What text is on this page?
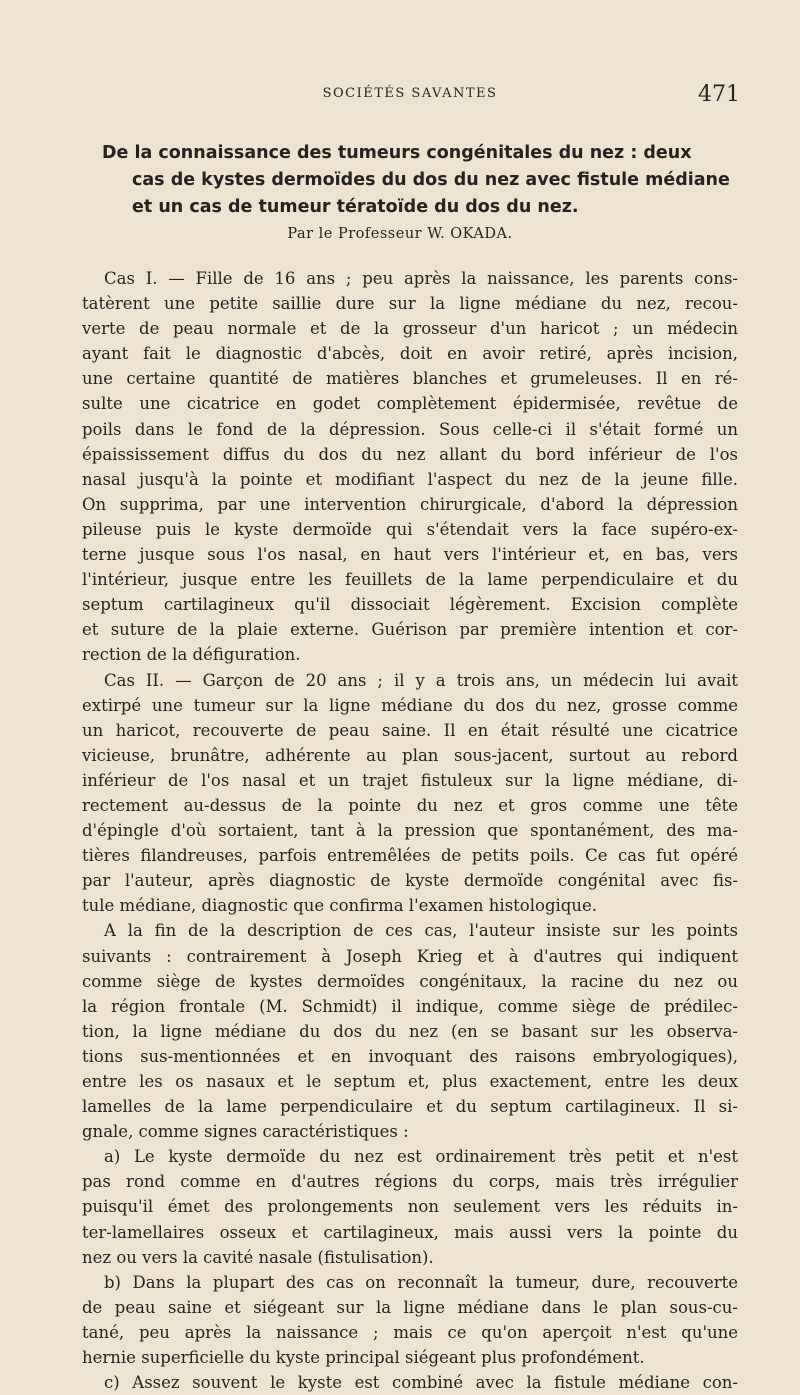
SOCIÉTÉS SAVANTES	471
De la connaissance des tumeurs congénitales du nez : deux
cas de kystes dermoïdes du dos du nez avec fistule médiane
et un cas de tumeur tératoïde du dos du nez.
Par le Professeur W. OKADA.
Cas I. — Fille de 16 ans ; peu après la naissance, les parents cons-
tatèrent une petite saillie dure sur la ligne médiane du nez, recou-
verte de peau normale et de la grosseur d'un haricot ; un médecin
ayant fait le diagnostic d'abcès, doit en avoir retiré, après incision,
une certaine quantité de matières blanches et grumeleuses. Il en ré-
sulte une cicatrice en godet complètement épidermisée, revêtue de
poils dans le fond de la dépression. Sous celle-ci il s'était formé un
épaississement diffus du dos du nez allant du bord inférieur de l'os
nasal jusqu'à la pointe et modifiant l'aspect du nez de la jeune fille.
On supprima, par une intervention chirurgicale, d'abord la dépression
pileuse puis le kyste dermoïde qui s'étendait vers la face supéro-ex-
terne jusque sous l'os nasal, en haut vers l'intérieur et, en bas, vers
l'intérieur, jusque entre les feuillets de la lame perpendiculaire et du
septum cartilagineux qu'il dissociait légèrement. Excision complète
et suture de la plaie externe. Guérison par première intention et cor-
rection de la défiguration.
Cas II. — Garçon de 20 ans ; il y a trois ans, un médecin lui avait
extirpé une tumeur sur la ligne médiane du dos du nez, grosse comme
un haricot, recouverte de peau saine. Il en était résulté une cicatrice
vicieuse, brunâtre, adhérente au plan sous-jacent, surtout au rebord
inférieur de l'os nasal et un trajet fistuleux sur la ligne médiane, di-
rectement au-dessus de la pointe du nez et gros comme une tête
d'épingle d'où sortaient, tant à la pression que spontanément, des ma-
tières filandreuses, parfois entremêlées de petits poils. Ce cas fut opéré
par l'auteur, après diagnostic de kyste dermoïde congénital avec fis-
tule médiane, diagnostic que confirma l'examen histologique.
A la fin de la description de ces cas, l'auteur insiste sur les points
suivants : contrairement à Joseph Krieg et à d'autres qui indiquent
comme siège de kystes dermoïdes congénitaux, la racine du nez ou
la région frontale (M. Schmidt) il indique, comme siège de prédilec-
tion, la ligne médiane du dos du nez (en se basant sur les observa-
tions sus-mentionnées et en invoquant des raisons embryologiques),
entre les os nasaux et le septum et, plus exactement, entre les deux
lamelles de la lame perpendiculaire et du septum cartilagineux. Il si-
gnale, comme signes caractéristiques :
a) Le kyste dermoïde du nez est ordinairement très petit et n'est
pas rond comme en d'autres régions du corps, mais très irrégulier
puisqu'il émet des prolongements non seulement vers les réduits in-
ter-lamellaires osseux et cartilagineux, mais aussi vers la pointe du
nez ou vers la cavité nasale (fistulisation).
b) Dans la plupart des cas on reconnaît la tumeur, dure, recouverte
de peau saine et siégeant sur la ligne médiane dans le plan sous-cu-
tané, peu après la naissance ; mais ce qu'on aperçoit n'est qu'une
hernie superficielle du kyste principal siégeant plus profondément.
c) Assez souvent le kyste est combiné avec la fistule médiane con-
